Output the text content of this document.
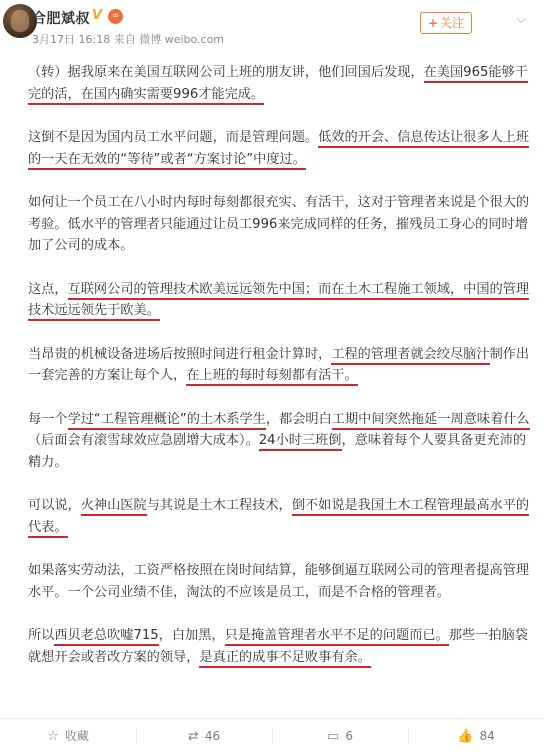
合肥斌叔 V	∞
3月17日 16:18 来自 微博 weibo.com
+ 关注	⌵

（转）据我原来在美国互联网公司上班的朋友讲，他们回国后发现，在美国965能够干完的活，在国内确实需要996才能完成。

这倒不是因为国内员工水平问题，而是管理问题。低效的开会、信息传达让很多人上班的一天在无效的“等待”或者“方案讨论”中度过。

如何让一个员工在八小时内每时每刻都很充实、有活干，这对于管理者来说是个很大的考验。低水平的管理者只能通过让员工996来完成同样的任务，摧残员工身心的同时增加了公司的成本。

这点，互联网公司的管理技术欧美远远领先中国；而在土木工程施工领域，中国的管理技术远远领先于欧美。

当昂贵的机械设备进场后按照时间进行租金计算时，工程的管理者就会绞尽脑汁制作出一套完善的方案让每个人，在上班的每时每刻都有活干。

每一个学过“工程管理概论”的土木系学生，都会明白工期中间突然拖延一周意味着什么（后面会有滚雪球效应急剧增大成本）。24小时三班倒，意味着每个人要具备更充沛的精力。

可以说，火神山医院与其说是土木工程技术，倒不如说是我国土木工程管理最高水平的代表。

如果落实劳动法，工资严格按照在岗时间结算，能够倒逼互联网公司的管理者提高管理水平。一个公司业绩不佳，淘汰的不应该是员工，而是不合格的管理者。

所以西贝老总吹嘘715，白加黑，只是掩盖管理者水平不足的问题而已。那些一拍脑袋就想开会或者改方案的领导，是真正的成事不足败事有余。

☆ 收藏	⇄ 46	▭ 6	👍 84
